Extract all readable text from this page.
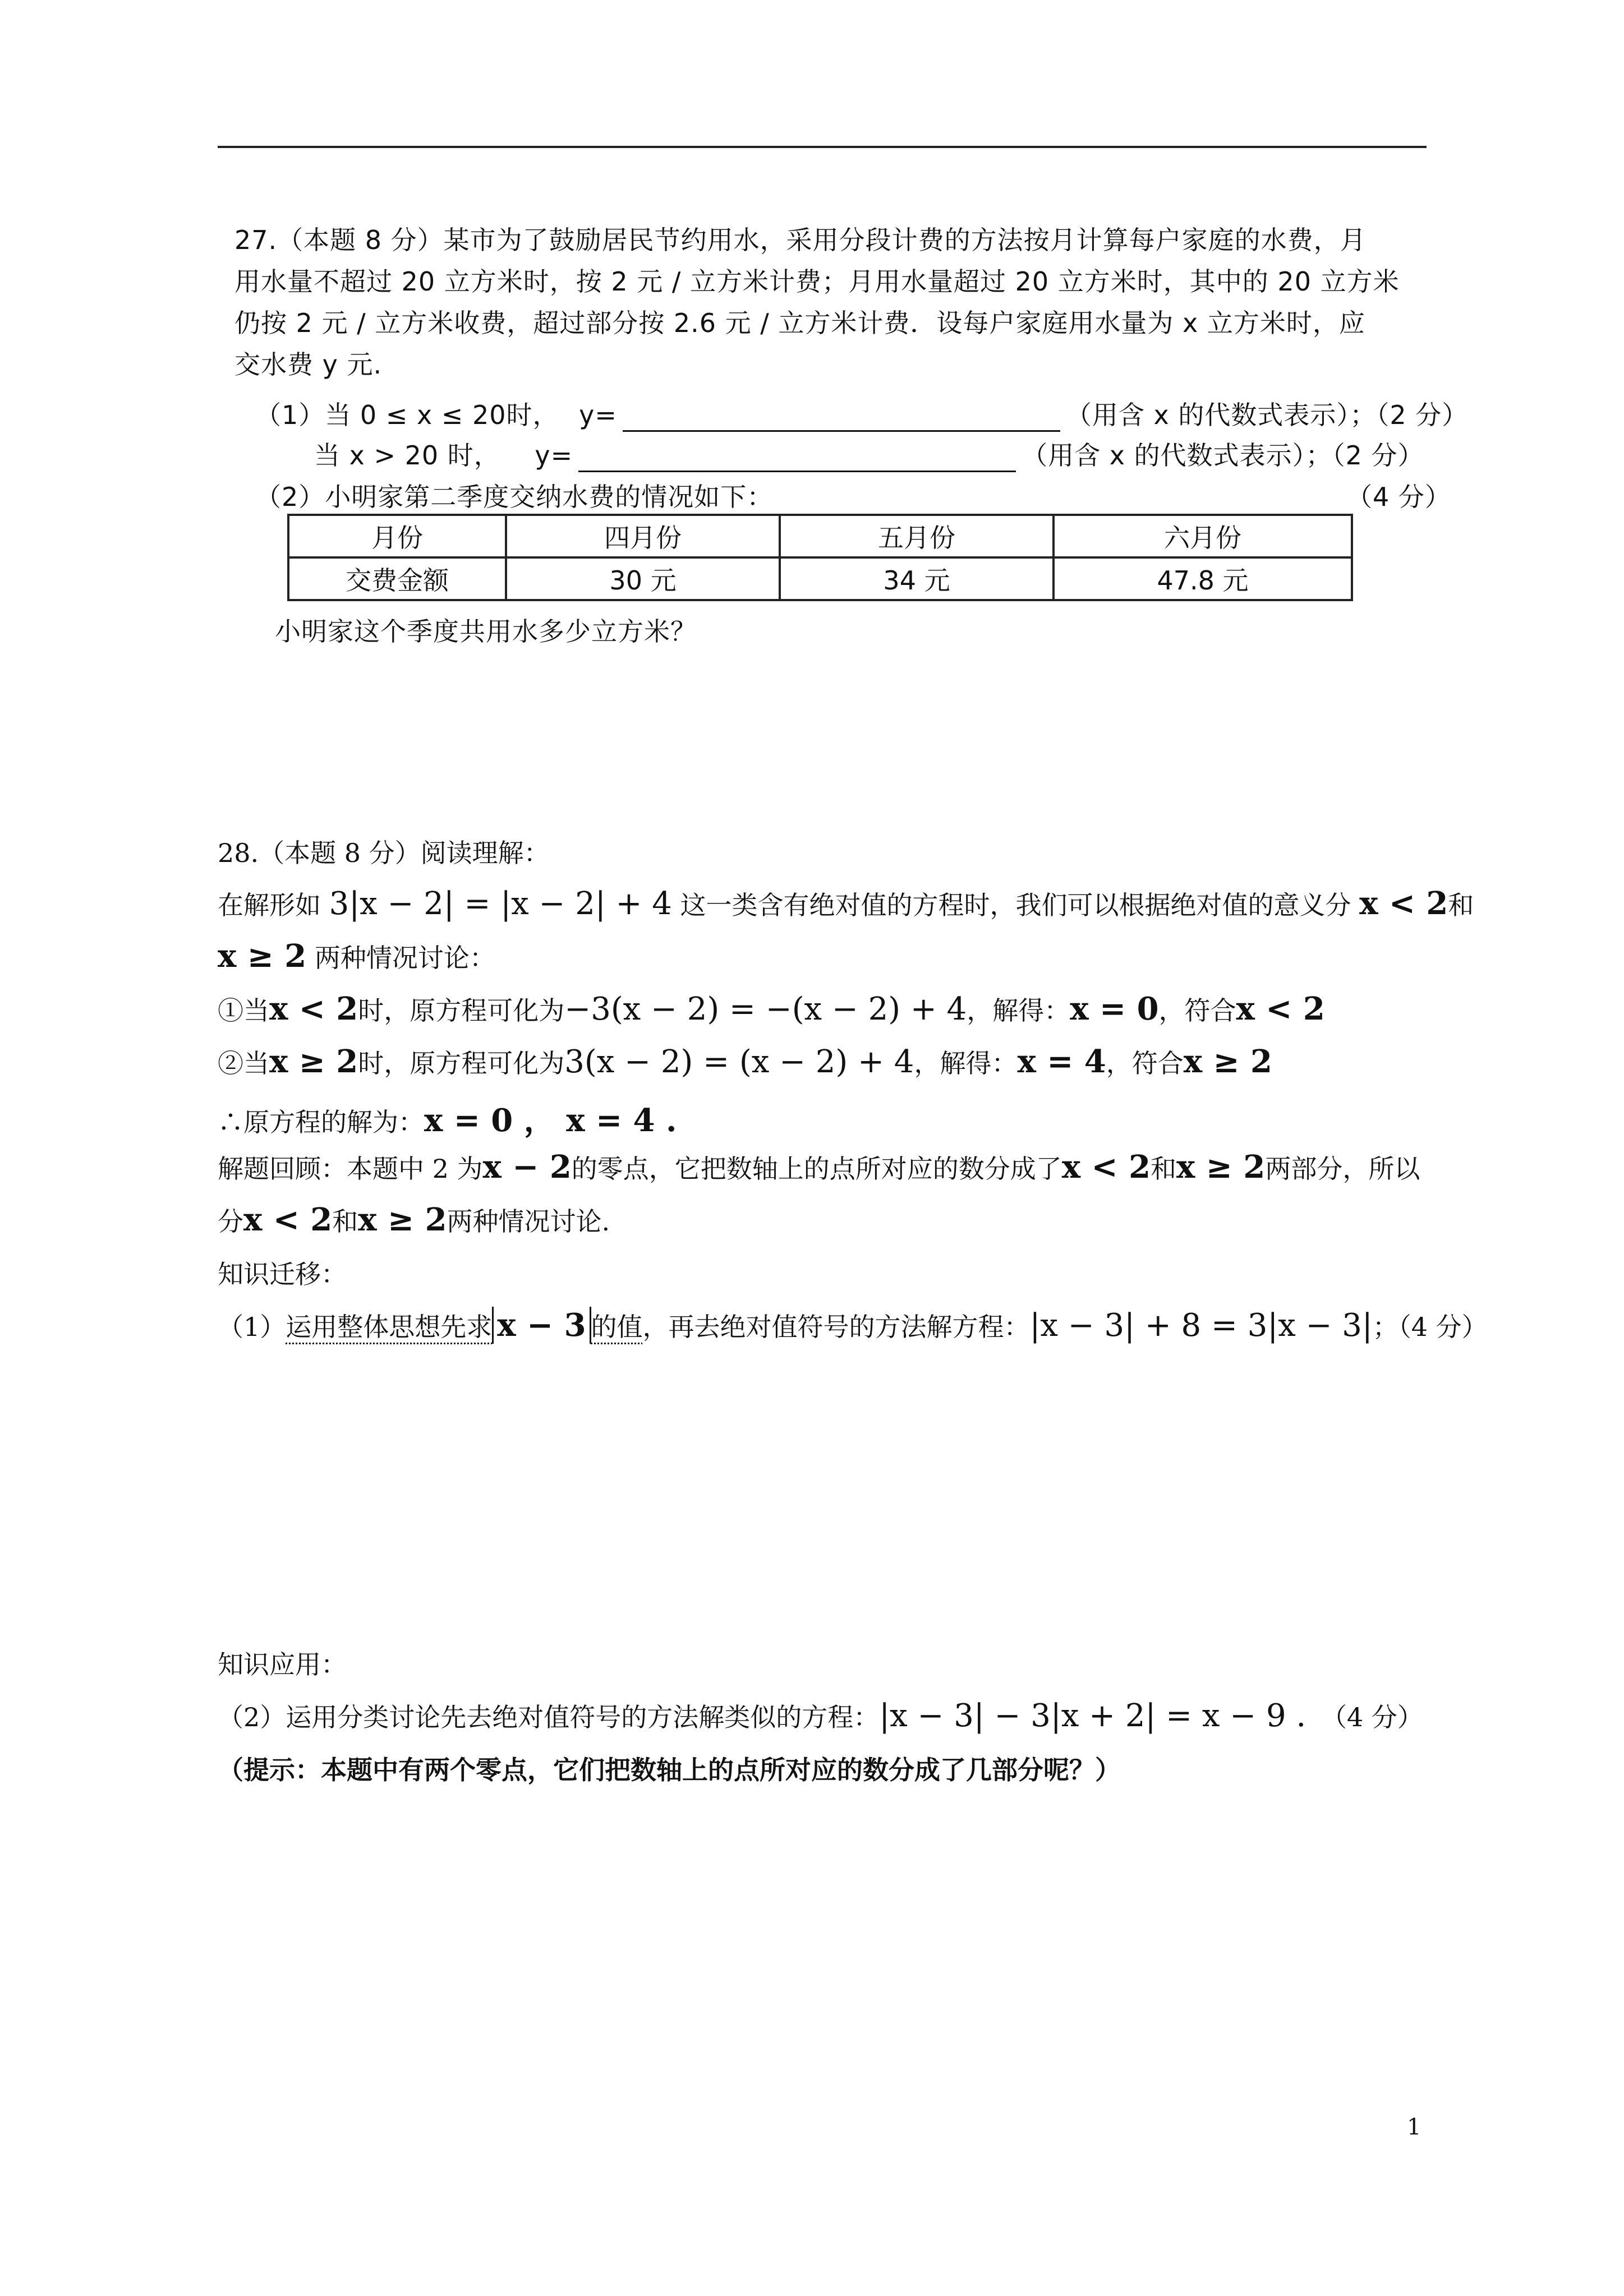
27.（本题 8 分）某市为了鼓励居民节约用水，采用分段计费的方法按月计算每户家庭的水费，月
用水量不超过 20 立方米时，按 2 元 / 立方米计费；月用水量超过 20 立方米时，其中的 20 立方米
仍按 2 元 / 立方米收费，超过部分按 2.6 元 / 立方米计费．设每户家庭用水量为 x 立方米时，应
交水费 y 元.
（1）当 0 ≤ x ≤ 20时， y=	（用含 x 的代数式表示）；（2 分）
当 x > 20 时， y=	（用含 x 的代数式表示）；（2 分）
（2）小明家第二季度交纳水费的情况如下：	（4 分）
月份	四月份	五月份	六月份
交费金额	30 元	34 元	47.8 元
小明家这个季度共用水多少立方米？
28.（本题 8 分）阅读理解：
在解形如 3|x − 2| = |x − 2| + 4 这一类含有绝对值的方程时，我们可以根据绝对值的意义分 x < 2和
x ≥ 2 两种情况讨论：
①当x < 2时，原方程可化为−3(x − 2) = −(x − 2) + 4，解得：x = 0，符合x < 2
②当x ≥ 2时，原方程可化为3(x − 2) = (x − 2) + 4，解得：x = 4，符合x ≥ 2
∴原方程的解为：x = 0 ， x = 4 .
解题回顾：本题中 2 为x − 2的零点，它把数轴上的点所对应的数分成了x < 2和x ≥ 2两部分，所以
分x < 2和x ≥ 2两种情况讨论.
知识迁移：
（1）运用整体思想先求 x − 3 的值，再去绝对值符号的方法解方程：|x − 3| + 8 = 3|x − 3|；（4 分）
知识应用：
（2）运用分类讨论先去绝对值符号的方法解类似的方程：|x − 3| − 3|x + 2| = x − 9 . （4 分）
（提示：本题中有两个零点，它们把数轴上的点所对应的数分成了几部分呢？）
1
